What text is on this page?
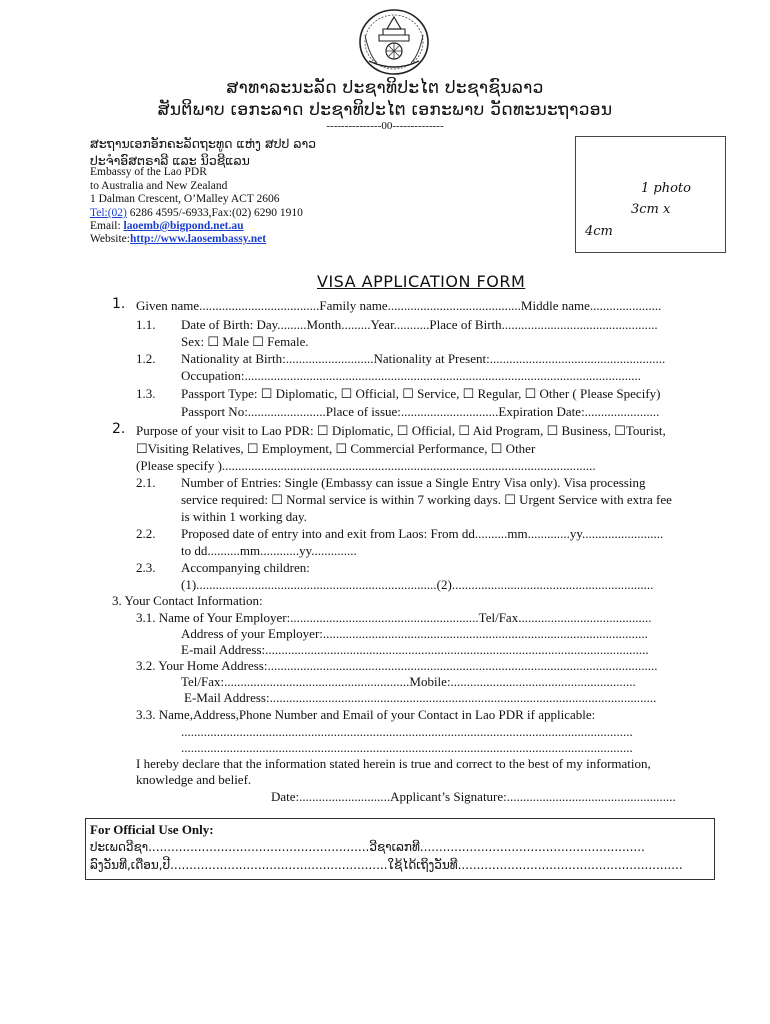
ສາທາລະນະລັດ ປະຊາທິປະໄຕ ປະຊາຊົນລາວ
ສັນຕິພາບ ເອກະລາດ ປະຊາທິປະໄຕ ເອກະພາບ ວັດທະນະຖາວອນ
---------------00--------------
ສະຖານເອກອັກຄະລັດຖະທູດ ແຫ່ງ ສປປ ລາວ
ປະຈຳອົສຕຣາລີ ແລະ ນິວຊີແລນ
Embassy of the Lao PDR
to Australia and New Zealand
1 Dalman Crescent, O’Malley ACT 2606
Tel:(02) 6286 4595/-6933,Fax:(02) 6290 1910
Email: laoemb@bigpond.net.au
Website:http://www.laosembassy.net
1 photo
3cm x
4cm
VISA APPLICATION FORM
1. Given name.....................................Family name.........................................Middle name......................
1.1. Date of Birth: Day.........Month.........Year...........Place of Birth................................................
Sex: ☐ Male ☐ Female.
1.2. Nationality at Birth:...........................Nationality at Present:......................................................
Occupation:..........................................................................................................................
1.3. Passport Type: ☐ Diplomatic, ☐ Official, ☐ Service, ☐ Regular, ☐ Other ( Please Specify)
Passport No:........................Place of issue:..............................Expiration Date:.......................
2. Purpose of your visit to Lao PDR: ☐ Diplomatic, ☐ Official, ☐ Aid Program, ☐ Business, ☐Tourist,
☐Visiting Relatives, ☐ Employment, ☐ Commercial Performance, ☐ Other
(Please specify )...................................................................................................................
2.1. Number of Entries: Single (Embassy can issue a Single Entry Visa only). Visa processing
service required: ☐ Normal service is within 7 working days. ☐ Urgent Service with extra fee
is within 1 working day.
2.2. Proposed date of entry into and exit from Laos: From dd..........mm.............yy.........................
to dd..........mm............yy..............
2.3. Accompanying children:
(1)..........................................................................(2)..............................................................
3. Your Contact Information:
3.1. Name of Your Employer:..........................................................Tel/Fax.........................................
Address of your Employer:....................................................................................................
E-mail Address:......................................................................................................................
3.2. Your Home Address:........................................................................................................................
Tel/Fax:.........................................................Mobile:.........................................................
E-Mail Address:.......................................................................................................................
3.3. Name,Address,Phone Number and Email of your Contact in Lao PDR if applicable:
...........................................................................................................................................
...........................................................................................................................................
I hereby declare that the information stated herein is true and correct to the best of my information,
knowledge and belief.
Date:............................Applicant’s Signature:....................................................
For Official Use Only:
ປະເພດວີຊາ..........................................................ວີຊາເລກທີ...........................................................
ລົງວັນທີ,ເດືອນ,ປີ.........................................................ໃຊ້ໄດ້ເຖິງວັນທີ...........................................................
